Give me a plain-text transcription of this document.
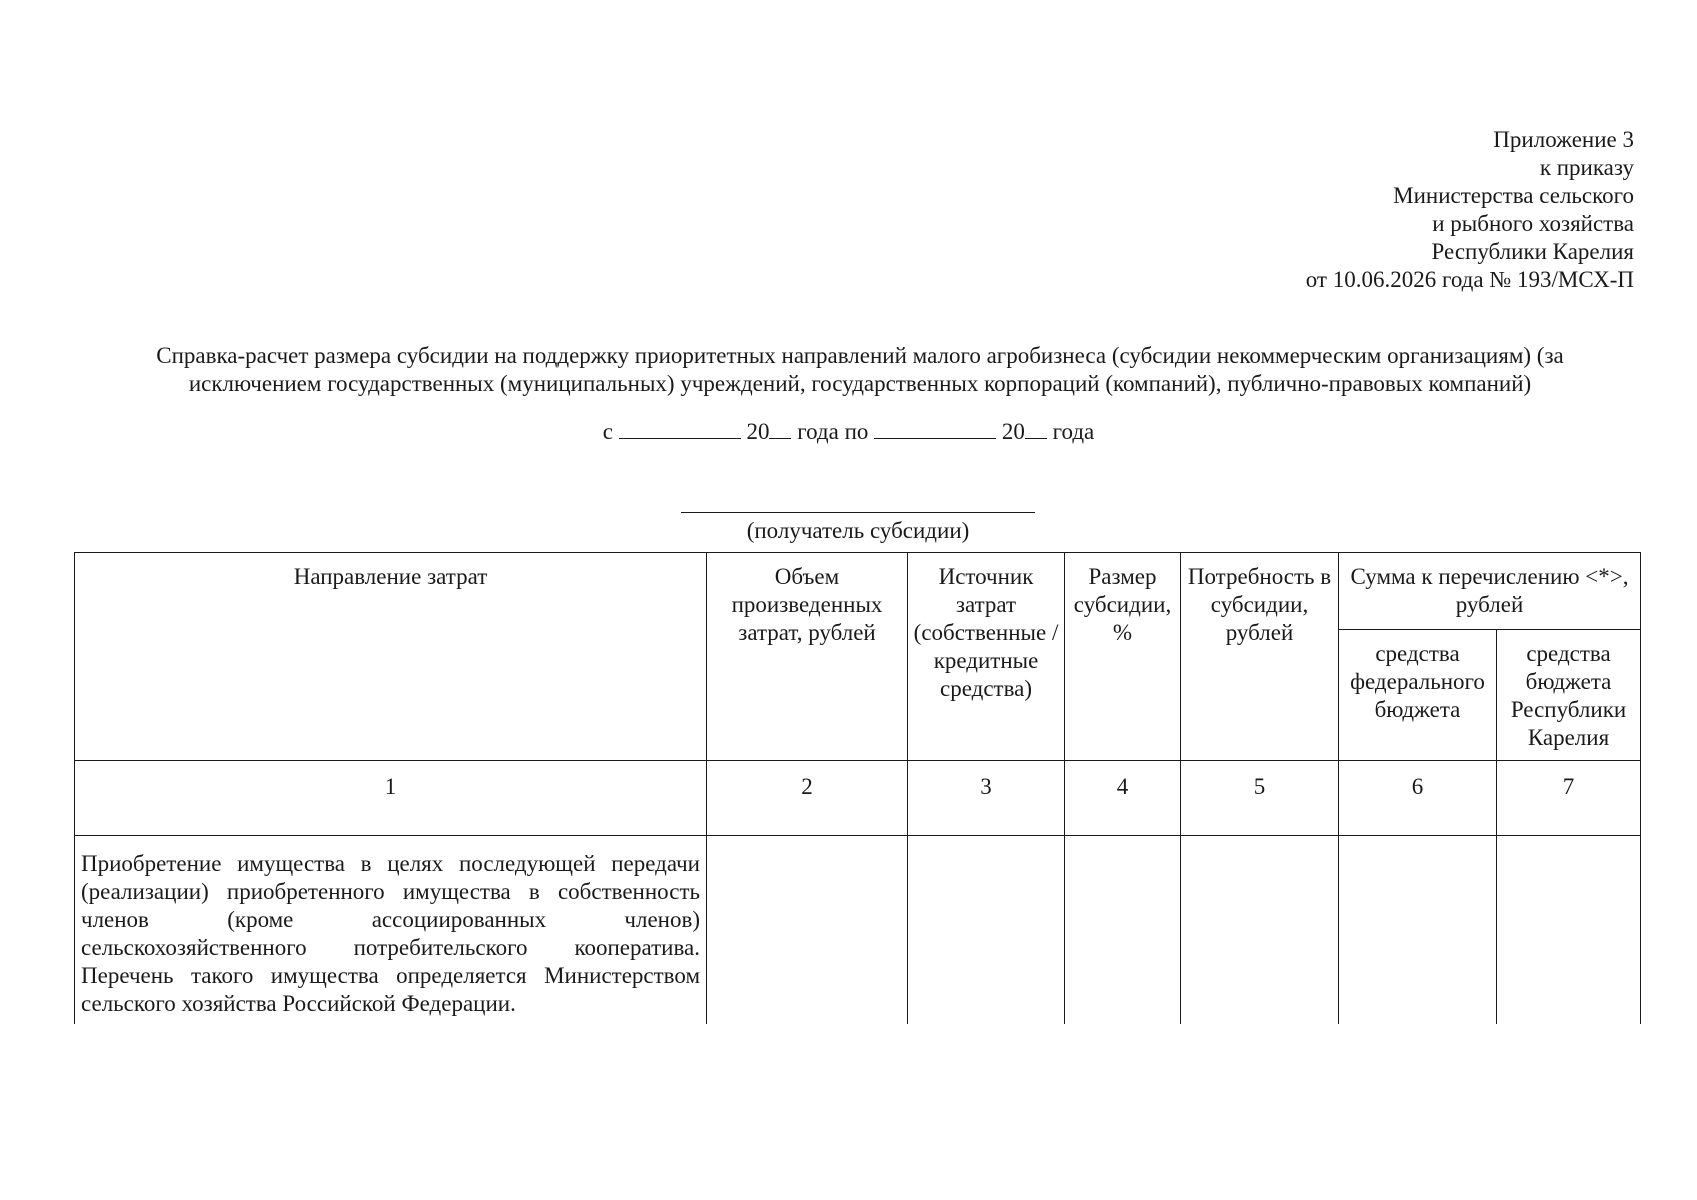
Приложение 3
к приказу
Министерства сельского
и рыбного хозяйства
Республики Карелия
от 10.06.2026 года № 193/МСХ-П
Справка-расчет размера субсидии на поддержку приоритетных направлений малого агробизнеса (субсидии некоммерческим организациям) (за
исключением государственных (муниципальных) учреждений, государственных корпораций (компаний), публично-правовых компаний)
с	20 года по	20 года
(получатель субсидии)
Направление затрат	Объем произведенных затрат, рублей	Источник затрат (собственные / кредитные средства)	Размер субсидии, %	Потребность в субсидии, рублей	Сумма к перечислению <*>, рублей	
					средства федерального бюджета	средства бюджета Республики Карелия
1	2	3	4	5	6	7

Приобретение имущества в целях последующей передачи (реализации) приобретенного имущества в собственность членов (кроме ассоциированных членов) сельскохозяйственного потребительского кооператива. Перечень такого имущества определяется Министерством сельского хозяйства Российской Федерации.						
